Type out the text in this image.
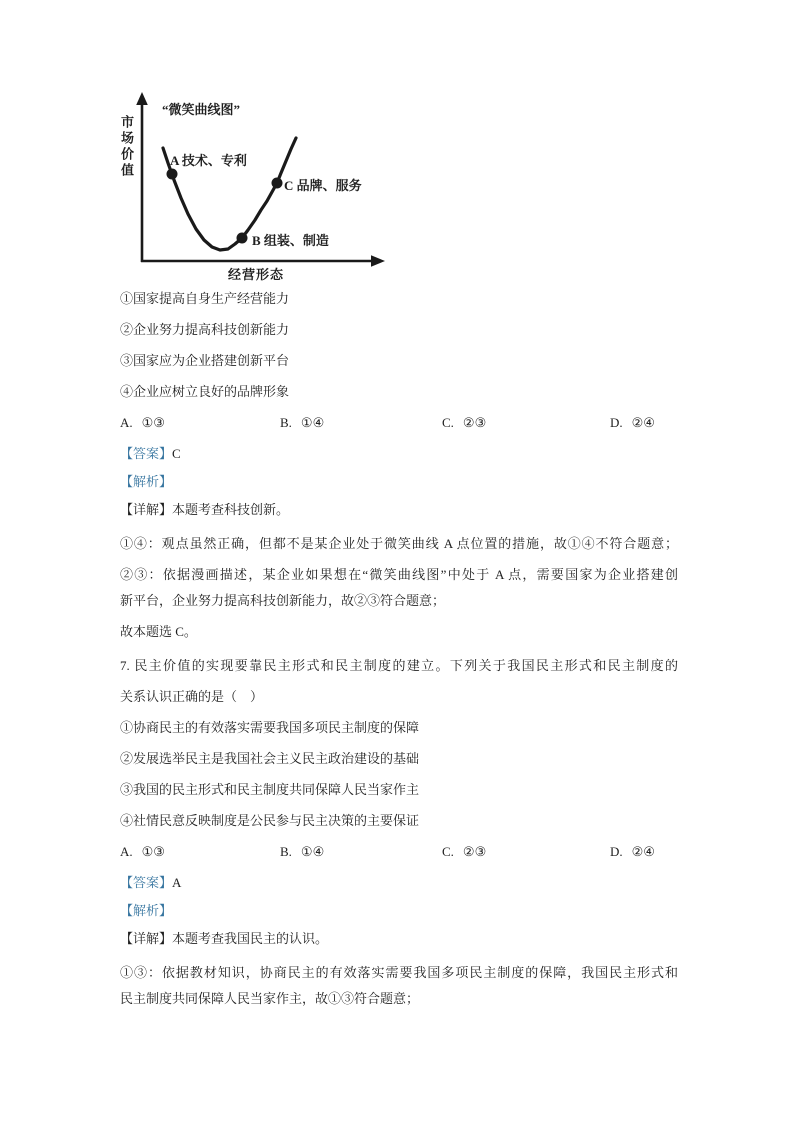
“微笑曲线图”
市场价值
经营形态
A 技术、专利
B 组装、制造
C 品牌、服务

①国家提高自身生产经营能力

②企业努力提高科技创新能力

③国家应为企业搭建创新平台

④企业应树立良好的品牌形象

A. ①③	B. ①④	C. ②③	D. ②④

【答案】C

【解析】

【详解】本题考查科技创新。

①④：观点虽然正确，但都不是某企业处于微笑曲线 A 点位置的措施，故①④不符合题意；

②③：依据漫画描述，某企业如果想在“微笑曲线图”中处于 A 点，需要国家为企业搭建创

新平台，企业努力提高科技创新能力，故②③符合题意；

故本题选 C。

7. 民主价值的实现要靠民主形式和民主制度的建立。下列关于我国民主形式和民主制度的

关系认识正确的是（　）

①协商民主的有效落实需要我国多项民主制度的保障

②发展选举民主是我国社会主义民主政治建设的基础

③我国的民主形式和民主制度共同保障人民当家作主

④社情民意反映制度是公民参与民主决策的主要保证

A. ①③	B. ①④	C. ②③	D. ②④

【答案】A

【解析】

【详解】本题考查我国民主的认识。

①③：依据教材知识，协商民主的有效落实需要我国多项民主制度的保障，我国民主形式和

民主制度共同保障人民当家作主，故①③符合题意；
